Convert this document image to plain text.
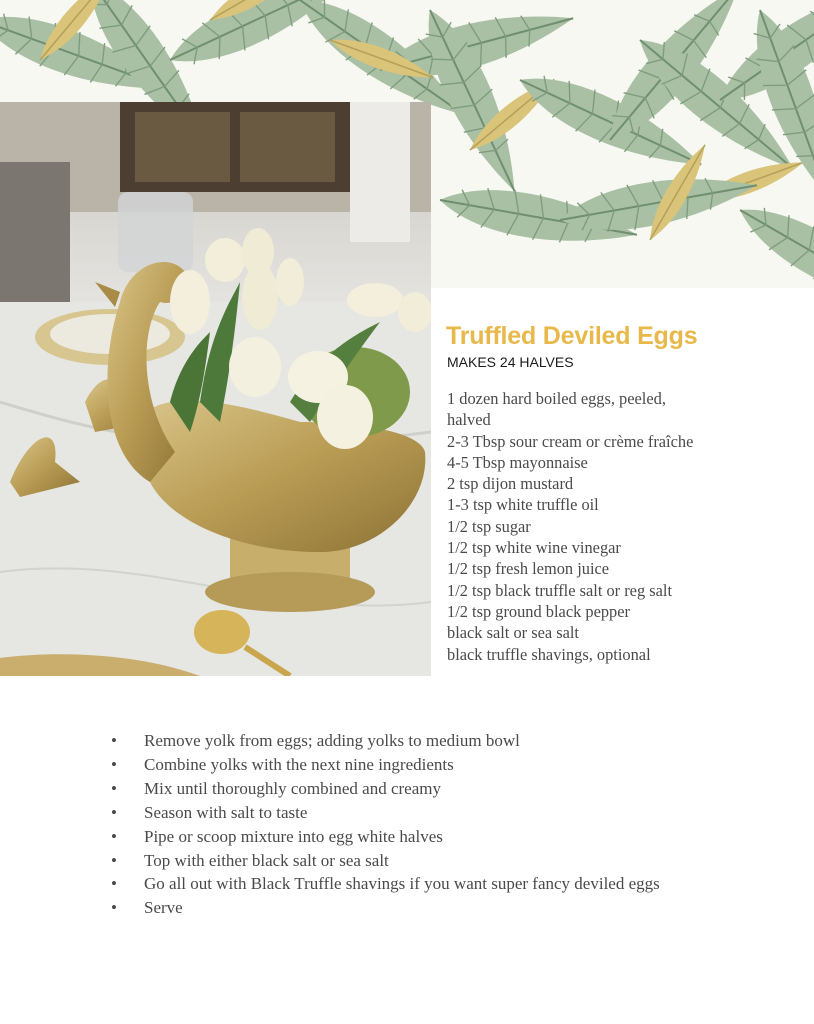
Truffled Deviled Eggs
MAKES 24 HALVES
1 dozen hard boiled eggs, peeled,
halved
2-3 Tbsp sour cream or crème fraîche
4-5 Tbsp mayonnaise
2 tsp dijon mustard
1-3 tsp white truffle oil
1/2 tsp sugar
1/2 tsp white wine vinegar
1/2 tsp fresh lemon juice
1/2 tsp black truffle salt or reg salt
1/2 tsp ground black pepper
black salt or sea salt
black truffle shavings, optional
• Remove yolk from eggs; adding yolks to medium bowl
• Combine yolks with the next nine ingredients
• Mix until thoroughly combined and creamy
• Season with salt to taste
• Pipe or scoop mixture into egg white halves
• Top with either black salt or sea salt
• Go all out with Black Truffle shavings if you want super fancy deviled eggs
• Serve
